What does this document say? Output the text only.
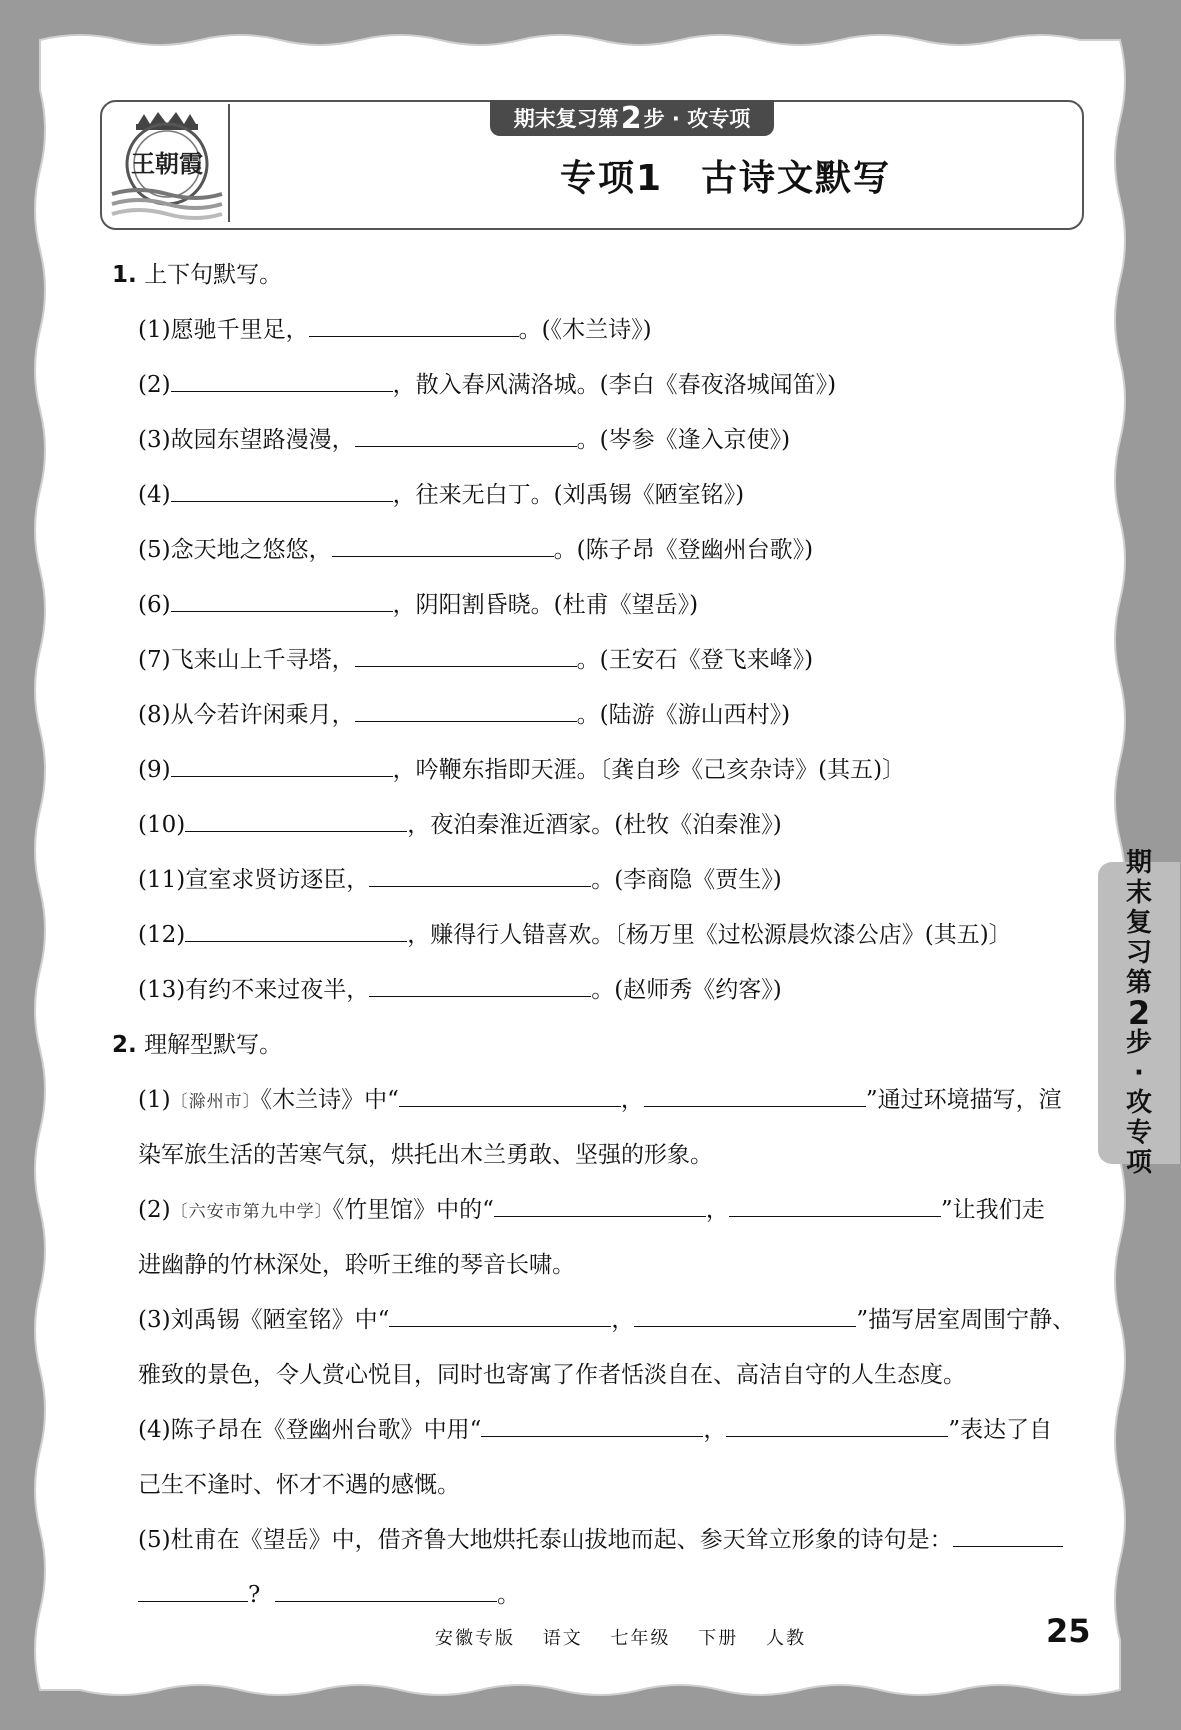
王朝霞
期末复习第 2 步 · 攻专项
专项1　古诗文默写
期
末
复
习
第
2
步
·
攻
专
项
1. 上下句默写。
(1)愿驰千里足，	。(《木兰诗》)
(2)	，散入春风满洛城。(李白《春夜洛城闻笛》)
(3)故园东望路漫漫，	。(岑参《逢入京使》)
(4)	，往来无白丁。(刘禹锡《陋室铭》)
(5)念天地之悠悠，	。(陈子昂《登幽州台歌》)
(6)	，阴阳割昏晓。(杜甫《望岳》)
(7)飞来山上千寻塔，	。(王安石《登飞来峰》)
(8)从今若许闲乘月，	。(陆游《游山西村》)
(9)	，吟鞭东指即天涯。〔龚自珍《己亥杂诗》(其五)〕
(10)	，夜泊秦淮近酒家。(杜牧《泊秦淮》)
(11)宣室求贤访逐臣，	。(李商隐《贾生》)
(12)	，赚得行人错喜欢。〔杨万里《过松源晨炊漆公店》(其五)〕
(13)有约不来过夜半，	。(赵师秀《约客》)
2. 理解型默写。
(1)〔滁州市〕《木兰诗》中“	，	”通过环境描写，渲
染军旅生活的苦寒气氛，烘托出木兰勇敢、坚强的形象。
(2)〔六安市第九中学〕《竹里馆》中的“	，	”让我们走
进幽静的竹林深处，聆听王维的琴音长啸。
(3)刘禹锡《陋室铭》中“	，	”描写居室周围宁静、
雅致的景色，令人赏心悦目，同时也寄寓了作者恬淡自在、高洁自守的人生态度。
(4)陈子昂在《登幽州台歌》中用“	，	”表达了自
己生不逢时、怀才不遇的感慨。
(5)杜甫在《望岳》中，借齐鲁大地烘托泰山拔地而起、参天耸立形象的诗句是：
?	。
安徽专版 语文 七年级 下册 人教	25
